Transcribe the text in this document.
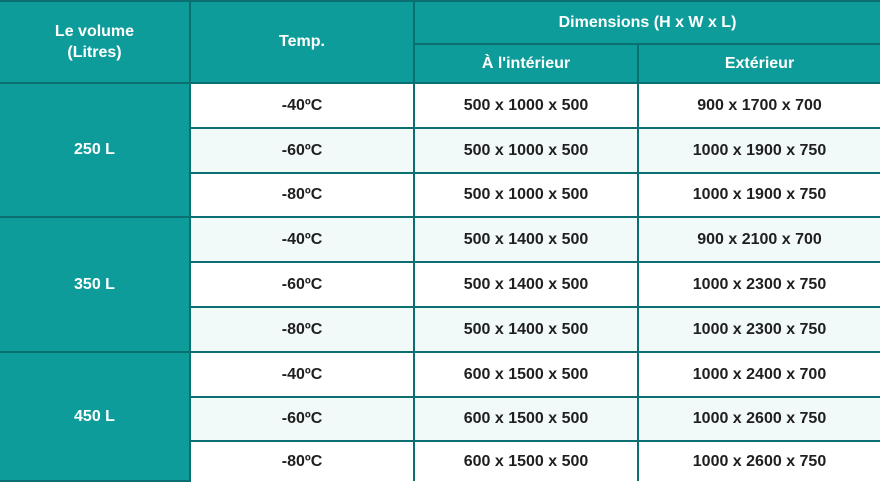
Le volume
(Litres)	Temp.	Dimensions (H x W x L)	
		À l'intérieur	Extérieur
250 L	-40ºC	500 x 1000 x 500	900 x 1700 x 700
	-60ºC	500 x 1000 x 500	1000 x 1900 x 750
	-80ºC	500 x 1000 x 500	1000 x 1900 x 750
350 L	-40ºC	500 x 1400 x 500	900 x 2100 x 700
	-60ºC	500 x 1400 x 500	1000 x 2300 x 750
	-80ºC	500 x 1400 x 500	1000 x 2300 x 750
450 L	-40ºC	600 x 1500 x 500	1000 x 2400 x 700
	-60ºC	600 x 1500 x 500	1000 x 2600 x 750
	-80ºC	600 x 1500 x 500	1000 x 2600 x 750
